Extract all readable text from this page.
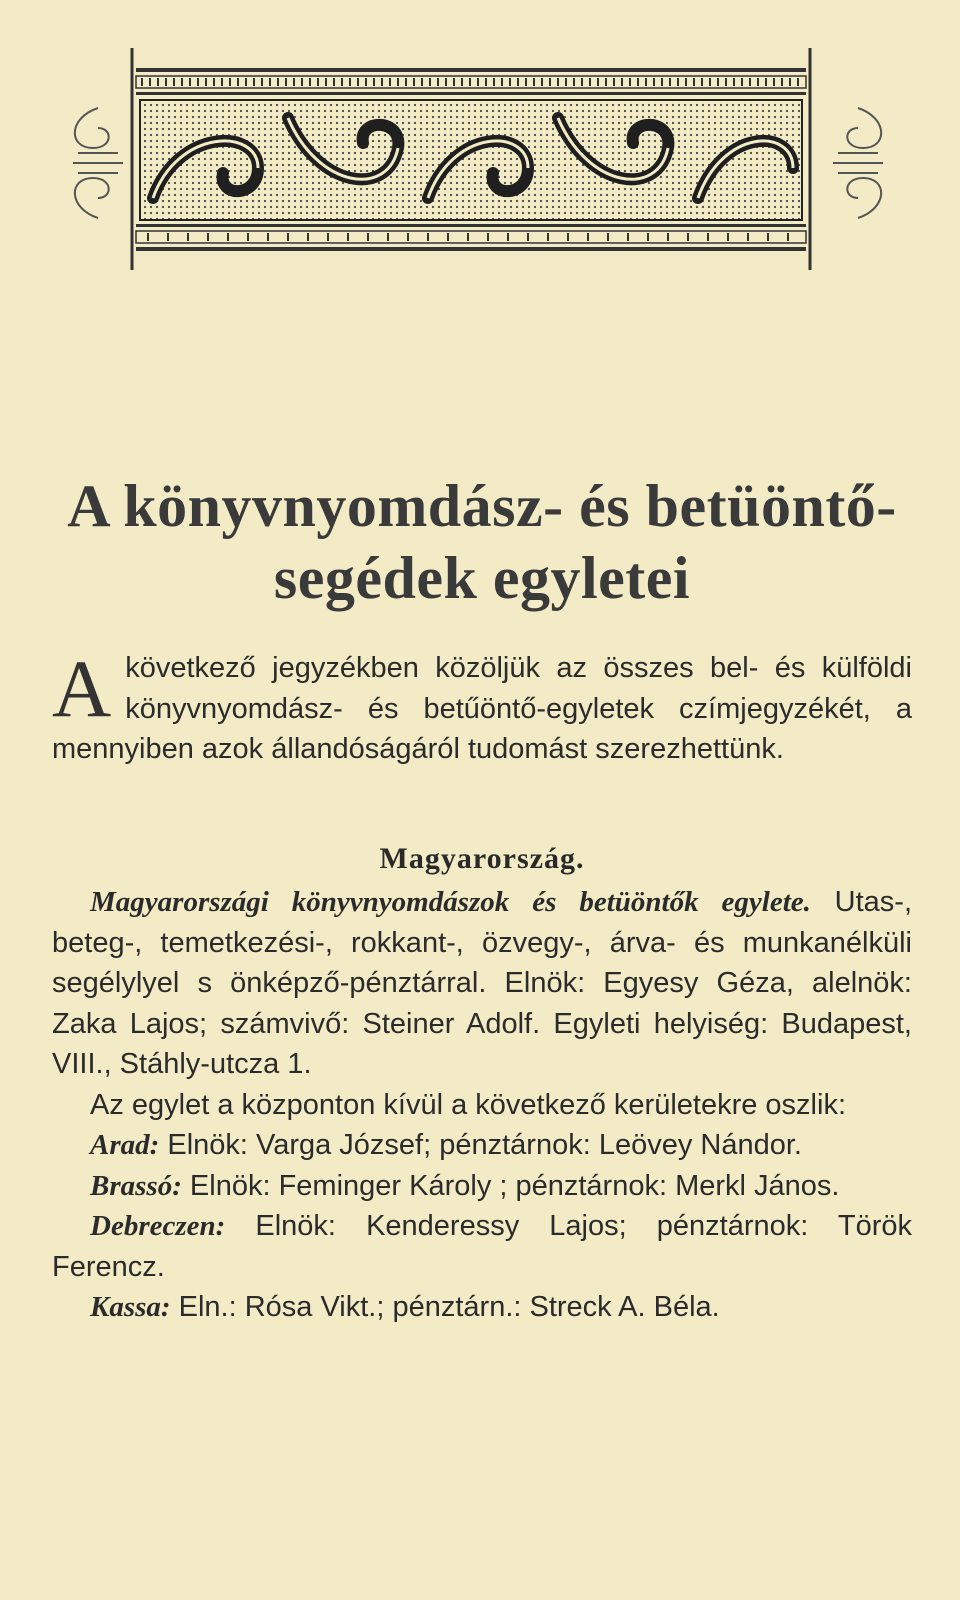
A könyvnyomdász- és betüöntő-
segédek egyletei
A következő jegyzékben közöljük az összes bel- és külföldi könyvnyomdász- és betűöntő-egyletek czímjegyzékét, a mennyiben azok állandóságáról tudomást szerezhettünk.
Magyarország.

Magyarországi könyvnyomdászok és betüöntők egylete. Utas-, beteg-, temetkezési-, rokkant-, özvegy-, árva- és munkanélküli segélylyel s önképző-pénztárral. Elnök: Egyesy Géza, alelnök: Zaka Lajos; számvivő: Steiner Adolf. Egyleti helyiség: Budapest, VIII., Stáhly-utcza 1.

Az egylet a központon kívül a következő kerületekre oszlik:

Arad: Elnök: Varga József; pénztárnok: Leövey Nándor.

Brassó: Elnök: Feminger Károly ; pénztárnok: Merkl János.

Debreczen: Elnök: Kenderessy Lajos; pénztárnok: Török Ferencz.

Kassa: Eln.: Rósa Vikt.; pénztárn.: Streck A. Béla.
